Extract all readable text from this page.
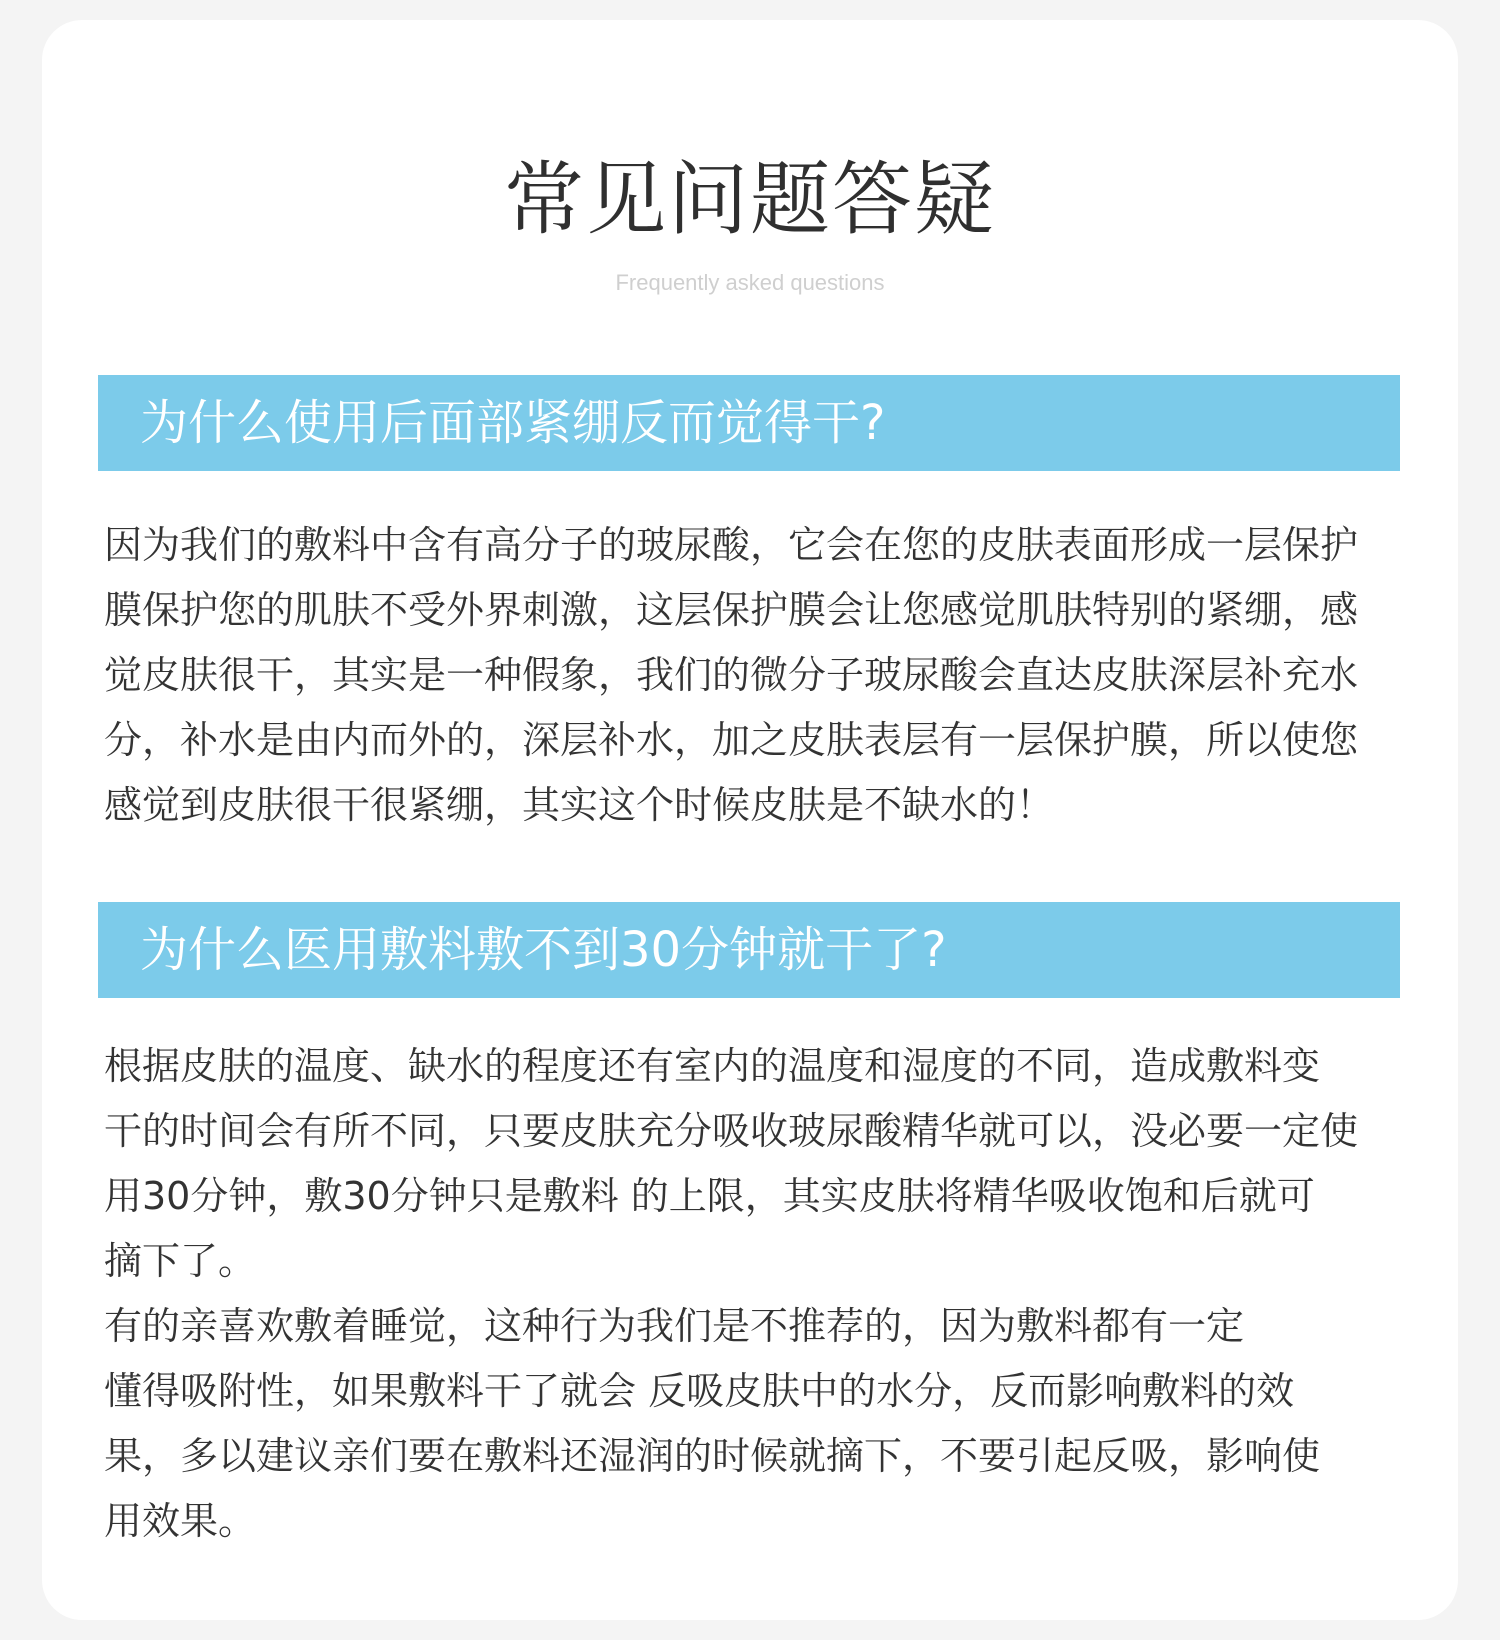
常见问题答疑
Frequently asked questions
为什么使用后面部紧绷反而觉得干?
因为我们的敷料中含有高分子的玻尿酸，它会在您的皮肤表面形成一层保护
膜保护您的肌肤不受外界刺激，这层保护膜会让您感觉肌肤特别的紧绷，感
觉皮肤很干，其实是一种假象，我们的微分子玻尿酸会直达皮肤深层补充水
分，补水是由内而外的，深层补水，加之皮肤表层有一层保护膜，所以使您
感觉到皮肤很干很紧绷，其实这个时候皮肤是不缺水的！
为什么医用敷料敷不到30分钟就干了?
根据皮肤的温度、缺水的程度还有室内的温度和湿度的不同，造成敷料变
干的时间会有所不同，只要皮肤充分吸收玻尿酸精华就可以，没必要一定使
用30分钟，敷30分钟只是敷料 的上限，其实皮肤将精华吸收饱和后就可
摘下了。
有的亲喜欢敷着睡觉，这种行为我们是不推荐的，因为敷料都有一定
懂得吸附性，如果敷料干了就会 反吸皮肤中的水分，反而影响敷料的效
果，多以建议亲们要在敷料还湿润的时候就摘下，不要引起反吸，影响使
用效果。
